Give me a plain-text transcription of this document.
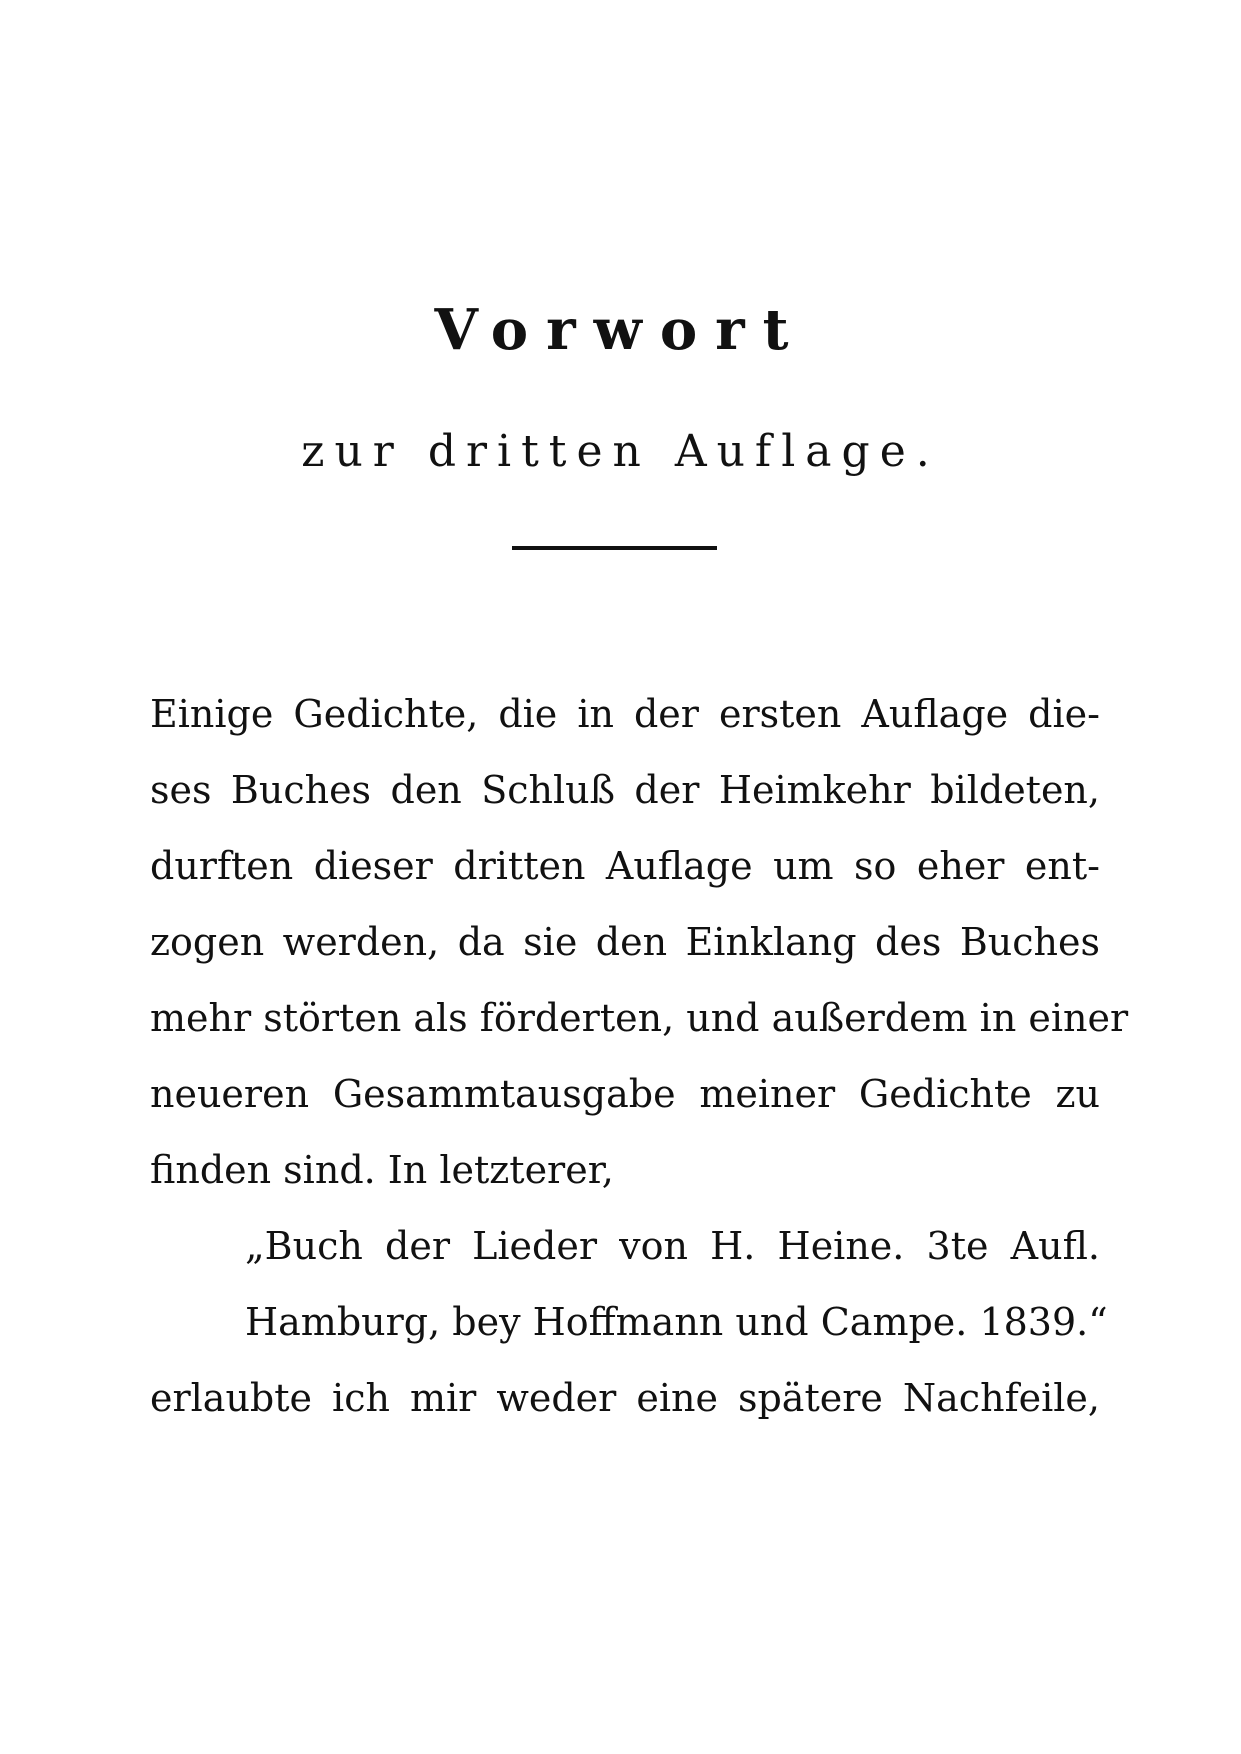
Vorwort
zur dritten Auflage.
Einige Gedichte, die in der ersten Auflage die-
ses Buches den Schluß der Heimkehr bildeten,
durften dieser dritten Auflage um so eher ent-
zogen werden, da sie den Einklang des Buches
mehr störten als förderten, und außerdem in einer
neueren Gesammtausgabe meiner Gedichte zu
finden sind. In letzterer,
„Buch der Lieder von H. Heine. 3te Aufl.
Hamburg, bey Hoffmann und Campe. 1839.“
erlaubte ich mir weder eine spätere Nachfeile,
